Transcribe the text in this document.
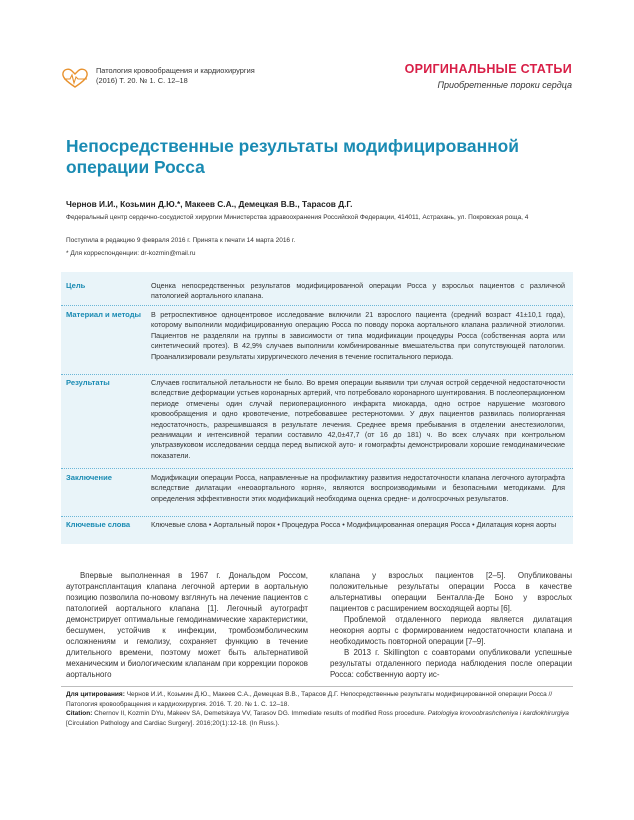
Патология кровообращения и кардиохирургия
(2016) Т. 20. № 1. С. 12–18
ОРИГИНАЛЬНЫЕ СТАТЬИ
Приобретенные пороки сердца
Непосредственные результаты модифицированной операции Росса
Чернов И.И., Козьмин Д.Ю.*, Макеев С.А., Демецкая В.В., Тарасов Д.Г.
Федеральный центр сердечно-сосудистой хирургии Министерства здравоохранения Российской Федерации, 414011, Астрахань, ул. Покровская роща, 4
Поступила в редакцию 9 февраля 2016 г. Принята к печати 14 марта 2016 г.
* Для корреспонденции: dr-kozmin@mail.ru
Цель	Оценка непосредственных результатов модифицированной операции Росса у взрослых пациентов с различной патологией аортального клапана.
Материал и методы	В ретроспективное одноцентровое исследование включили 21 взрослого пациента (средний возраст 41±10,1 года), которому выполнили модифицированную операцию Росса по поводу порока аортального клапана различной этиологии. Пациентов не разделяли на группы в зависимости от типа модификации процедуры Росса (собственная аорта или синтетический протез). В 42,9% случаев выполнили комбинированные вмешательства при сопутствующей патологии. Проанализировали результаты хирургического лечения в течение госпитального периода.
Результаты	Случаев госпитальной летальности не было. Во время операции выявили три случая острой сердечной недостаточности вследствие деформации устьев коронарных артерий, что потребовало коронарного шунтирования. В послеоперационном периоде отмечены один случай периоперационного инфаркта миокарда, одно острое нарушение мозгового кровообращения и одно кровотечение, потребовавшее рестернотомии. У двух пациентов развилась полиорганная недостаточность, разрешившаяся в результате лечения. Среднее время пребывания в отделении анестезиологии, реанимации и интенсивной терапии составило 42,0±47,7 (от 16 до 181) ч. Во всех случаях при контрольном ультразвуковом исследовании сердца перед выпиской ауто- и гомографты демонстрировали хорошие гемодинамические показатели.
Заключение	Модификации операции Росса, направленные на профилактику развития недостаточности клапана легочного аутографта вследствие дилатации «неоаортального корня», являются воспроизводимыми и безопасными методиками. Для определения эффективности этих модификаций необходима оценка средне- и долгосрочных результатов.
Ключевые слова	Ключевые слова • Аортальный порок • Процедура Росса • Модифицированная операция Росса • Дилатация корня аорты

Впервые выполненная в 1967 г. Дональдом Россом, аутотрансплантация клапана легочной артерии в аортальную позицию позволила по-новому взглянуть на лечение пациентов с патологией аортального клапана [1]. Легочный аутографт демонстрирует оптимальные гемодинамические характеристики, бесшумен, устойчив к инфекции, тромбоэмболическим осложнениям и гемолизу, сохраняет функцию в течение длительного времени, поэтому может быть альтернативой механическим и биологическим клапанам при коррекции пороков аортального

клапана у взрослых пациентов [2–5]. Опубликованы положительные результаты операции Росса в качестве альтернативы операции Бенталла-Де Боно у взрослых пациентов с расширением восходящей аорты [6].

Проблемой отдаленного периода является дилатация неокорня аорты с формированием недостаточности клапана и необходимость повторной операции [7–9].

В 2013 г. Skillington с соавторами опубликовали успешные результаты отдаленного периода наблюдения после операции Росса: собственную аорту ис-

Для цитирования: Чернов И.И., Козьмин Д.Ю., Макеев С.А., Демецкая В.В., Тарасов Д.Г. Непосредственные результаты модифицированной операции Росса // Патология кровообращения и кардиохирургия. 2016. Т. 20. № 1. С. 12–18.
Citation: Chernov II, Kozmin DYu, Makeev SA, Demetskaya VV, Tarasov DG. Immediate results of modified Ross procedure. Patologiya krovoobrashcheniya i kardiokhirurgiya [Circulation Pathology and Cardiac Surgery]. 2016;20(1):12-18. (In Russ.).
